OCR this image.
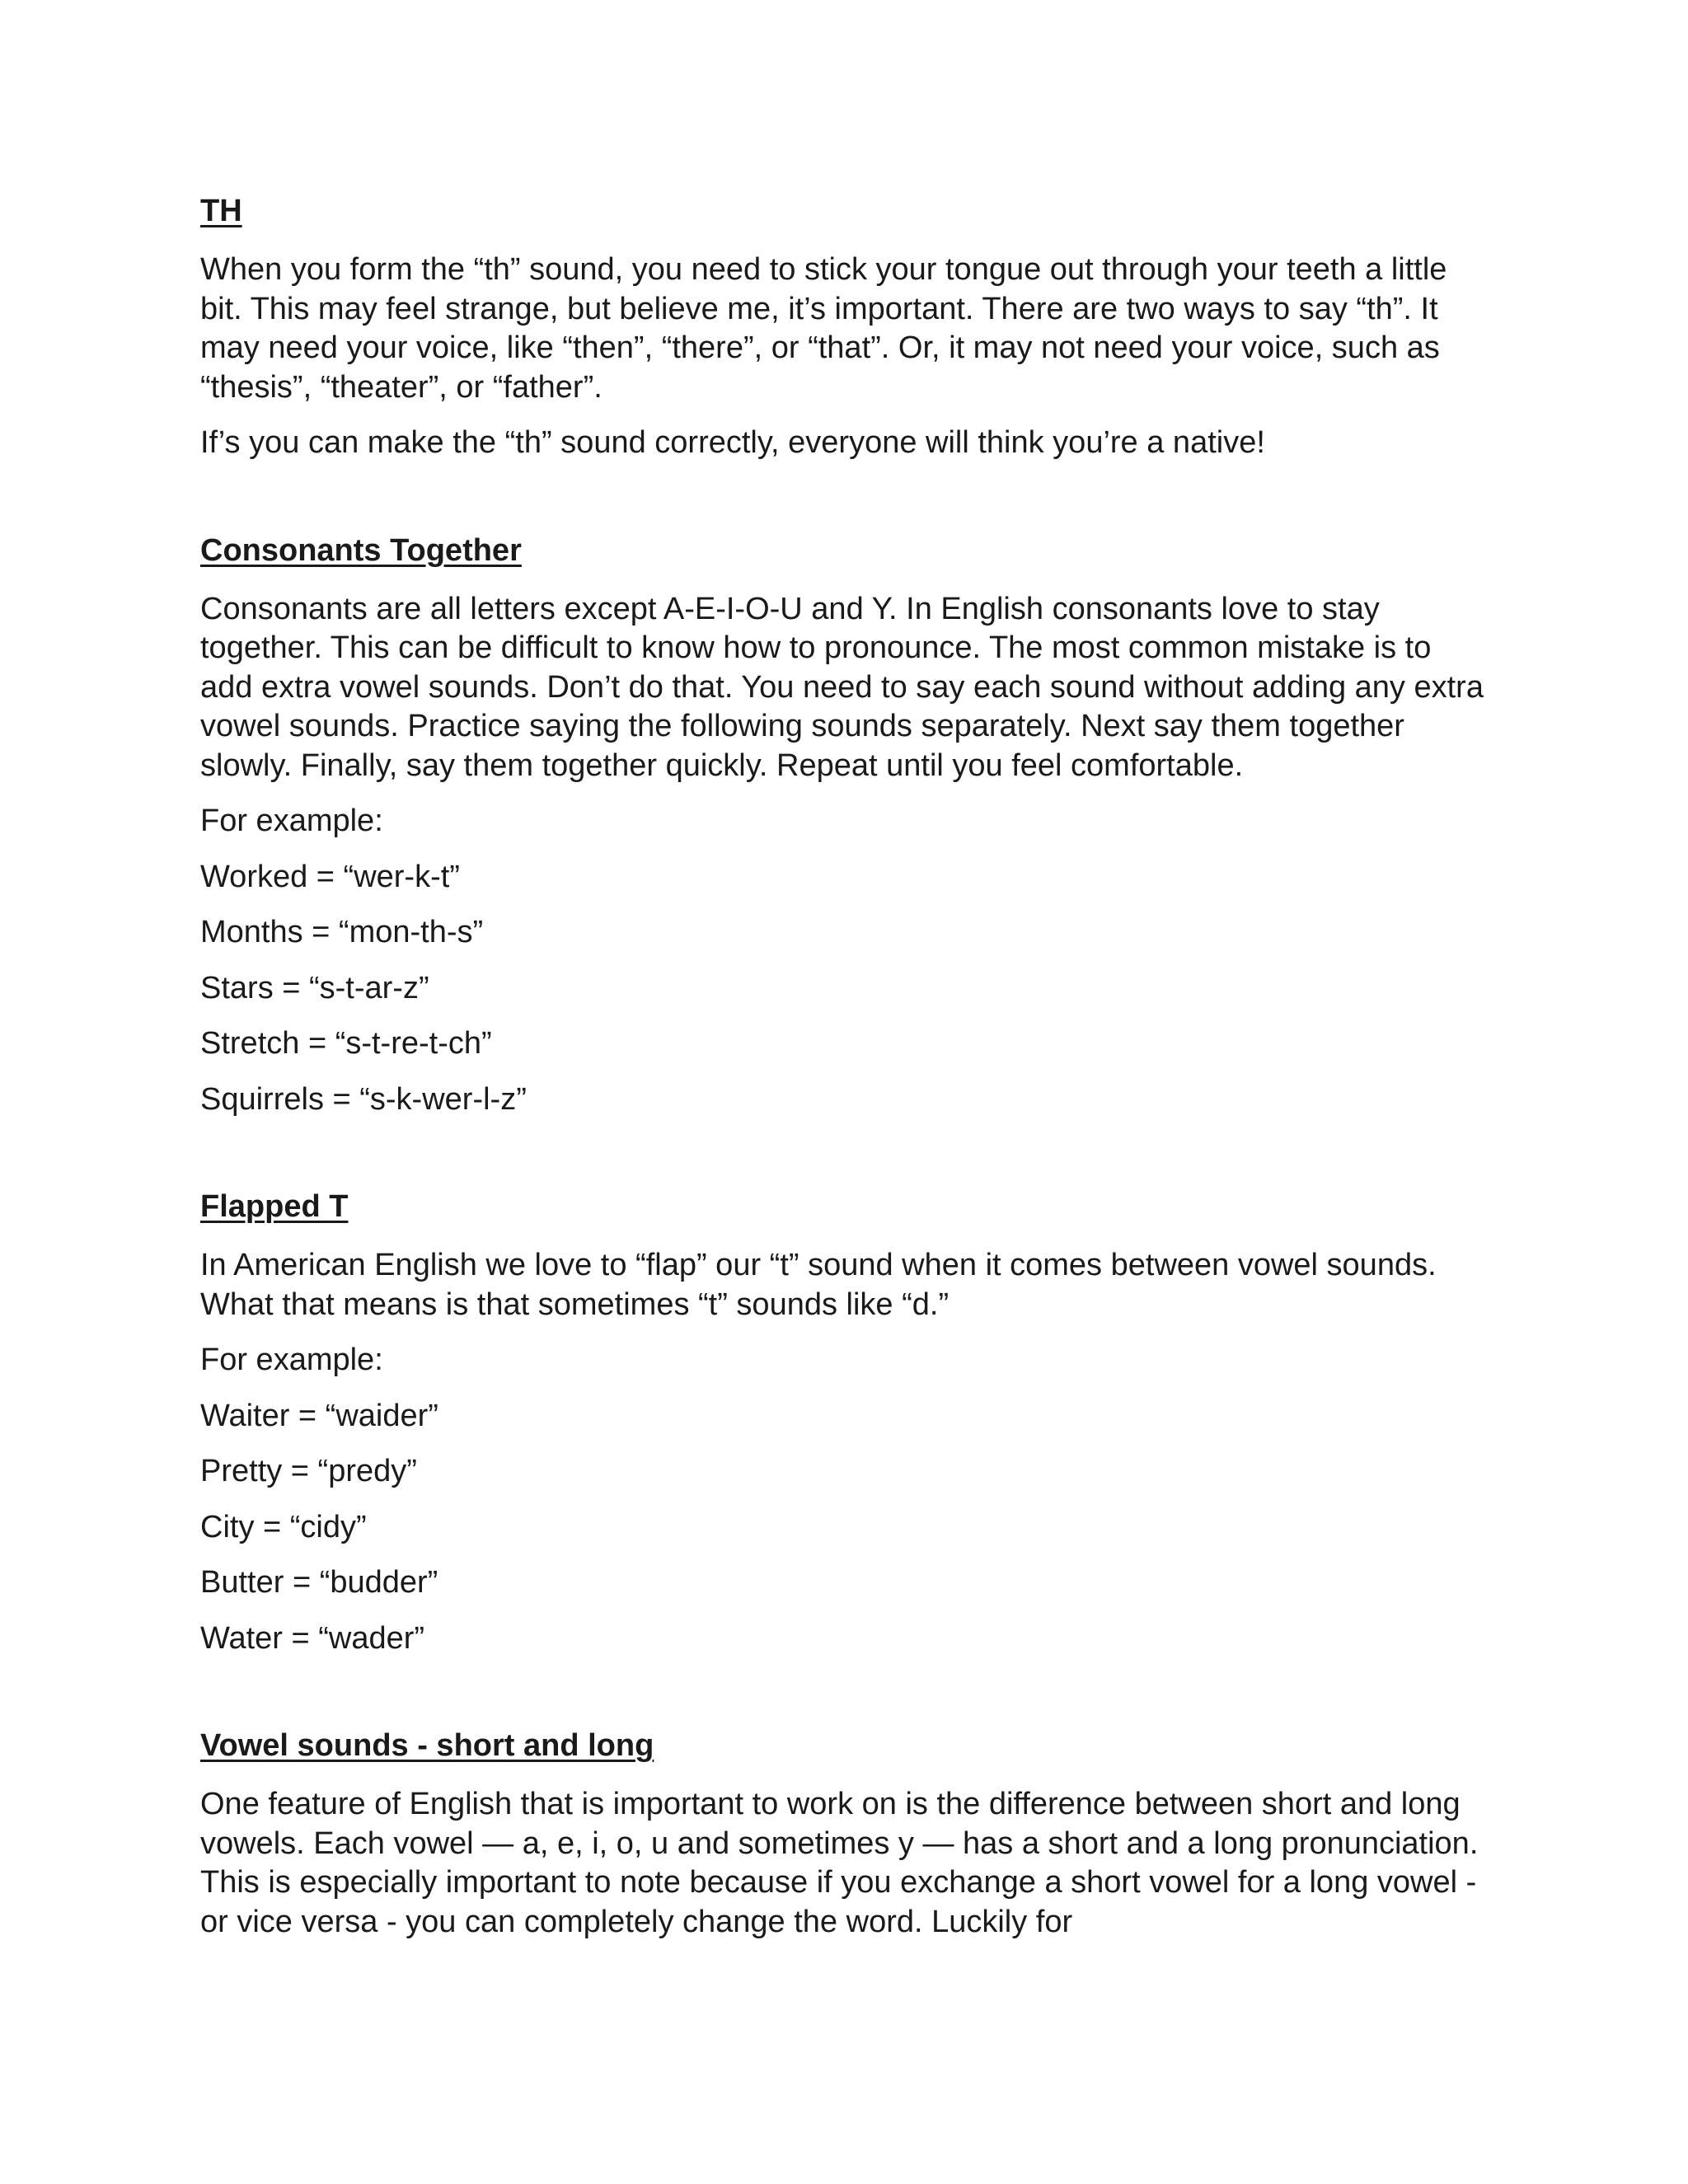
TH

When you form the “th” sound, you need to stick your tongue out through your teeth a little bit. This may feel strange, but believe me, it’s important. There are two ways to say “th”. It may need your voice, like “then”, “there”, or “that”. Or, it may not need your voice, such as “thesis”, “theater”, or “father”.

If’s you can make the “th” sound correctly, everyone will think you’re a native!

Consonants Together

Consonants are all letters except A-E-I-O-U and Y. In English consonants love to stay together. This can be difficult to know how to pronounce. The most common mistake is to add extra vowel sounds. Don’t do that. You need to say each sound without adding any extra vowel sounds. Practice saying the following sounds separately. Next say them together slowly. Finally, say them together quickly. Repeat until you feel comfortable.

For example:

Worked = “wer-k-t”

Months = “mon-th-s”

Stars = “s-t-ar-z”

Stretch = “s-t-re-t-ch”

Squirrels = “s-k-wer-l-z”

Flapped T

In American English we love to “flap” our “t” sound when it comes between vowel sounds. What that means is that sometimes “t” sounds like “d.”

For example:

Waiter = “waider”

Pretty = “predy”

City = “cidy”

Butter = “budder”

Water = “wader”

Vowel sounds - short and long

One feature of English that is important to work on is the difference between short and long vowels. Each vowel — a, e, i, o, u and sometimes y — has a short and a long pronunciation. This is especially important to note because if you exchange a short vowel for a long vowel - or vice versa - you can completely change the word. Luckily for
